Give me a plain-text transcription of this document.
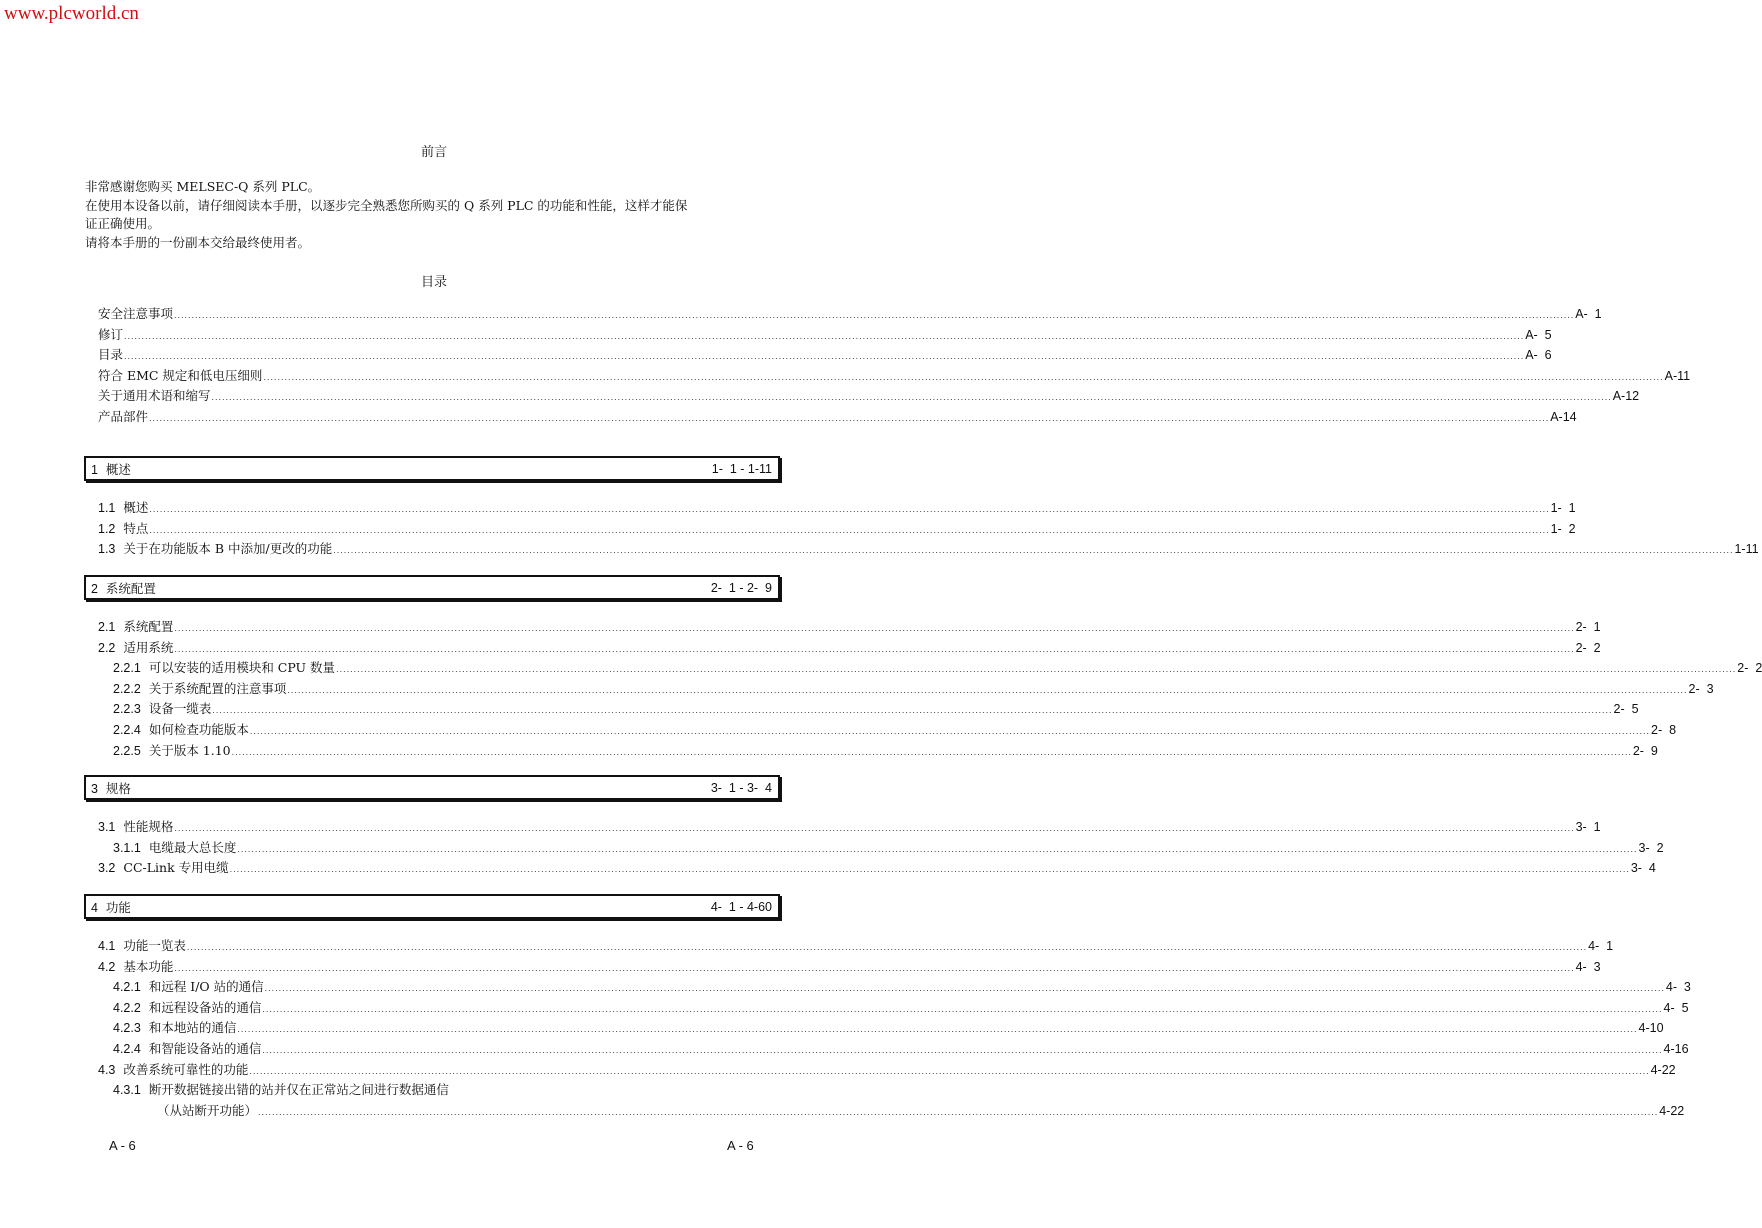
www.plcworld.cn
前言

非常感谢您购买 MELSEC-Q 系列 PLC。

在使用本设备以前，请仔细阅读本手册，以逐步完全熟悉您所购买的 Q 系列 PLC 的功能和性能，这样才能保

证正确使用。

请将本手册的一份副本交给最终使用者。

目录
安全注意事项 ................................................................................................................................................................................................................................................................................................................................................................................................................ A-  1
修订 ................................................................................................................................................................................................................................................................................................................................................................................................................ A-  5
目录 ................................................................................................................................................................................................................................................................................................................................................................................................................ A-  6
符合 EMC 规定和低电压细则 ................................................................................................................................................................................................................................................................................................................................................................................................................ A-11
关于通用术语和缩写 ................................................................................................................................................................................................................................................................................................................................................................................................................ A-12
产品部件 ................................................................................................................................................................................................................................................................................................................................................................................................................ A-14
1 概述	1-  1 - 1-11
1.1 概述 ................................................................................................................................................................................................................................................................................................................................................................................................................ 1-  1
1.2 特点 ................................................................................................................................................................................................................................................................................................................................................................................................................ 1-  2
1.3 关于在功能版本 B 中添加/更改的功能 ................................................................................................................................................................................................................................................................................................................................................................................................................ 1-11
2 系统配置	2-  1 - 2-  9
2.1 系统配置 ................................................................................................................................................................................................................................................................................................................................................................................................................ 2-  1
2.2 适用系统 ................................................................................................................................................................................................................................................................................................................................................................................................................ 2-  2
2.2.1 可以安装的适用模块和 CPU 数量 ................................................................................................................................................................................................................................................................................................................................................................................................................ 2-  2
2.2.2 关于系统配置的注意事项 ................................................................................................................................................................................................................................................................................................................................................................................................................ 2-  3
2.2.3 设备一缆表 ................................................................................................................................................................................................................................................................................................................................................................................................................ 2-  5
2.2.4 如何检查功能版本 ................................................................................................................................................................................................................................................................................................................................................................................................................ 2-  8
2.2.5 关于版本 1.10 ................................................................................................................................................................................................................................................................................................................................................................................................................ 2-  9
3 规格	3-  1 - 3-  4
3.1 性能规格 ................................................................................................................................................................................................................................................................................................................................................................................................................ 3-  1
3.1.1 电缆最大总长度 ................................................................................................................................................................................................................................................................................................................................................................................................................ 3-  2
3.2 CC-Link 专用电缆 ................................................................................................................................................................................................................................................................................................................................................................................................................ 3-  4
4 功能	4-  1 - 4-60
4.1 功能一览表 ................................................................................................................................................................................................................................................................................................................................................................................................................ 4-  1
4.2 基本功能 ................................................................................................................................................................................................................................................................................................................................................................................................................ 4-  3
4.2.1 和远程 I/O 站的通信 ................................................................................................................................................................................................................................................................................................................................................................................................................ 4-  3
4.2.2 和远程设备站的通信 ................................................................................................................................................................................................................................................................................................................................................................................................................ 4-  5
4.2.3 和本地站的通信 ................................................................................................................................................................................................................................................................................................................................................................................................................ 4-10
4.2.4 和智能设备站的通信 ................................................................................................................................................................................................................................................................................................................................................................................................................ 4-16
4.3 改善系统可靠性的功能 ................................................................................................................................................................................................................................................................................................................................................................................................................ 4-22
4.3.1 断开数据链接出错的站并仅在正常站之间进行数据通信
（从站断开功能） ................................................................................................................................................................................................................................................................................................................................................................................................................ 4-22
A - 6	A - 6
